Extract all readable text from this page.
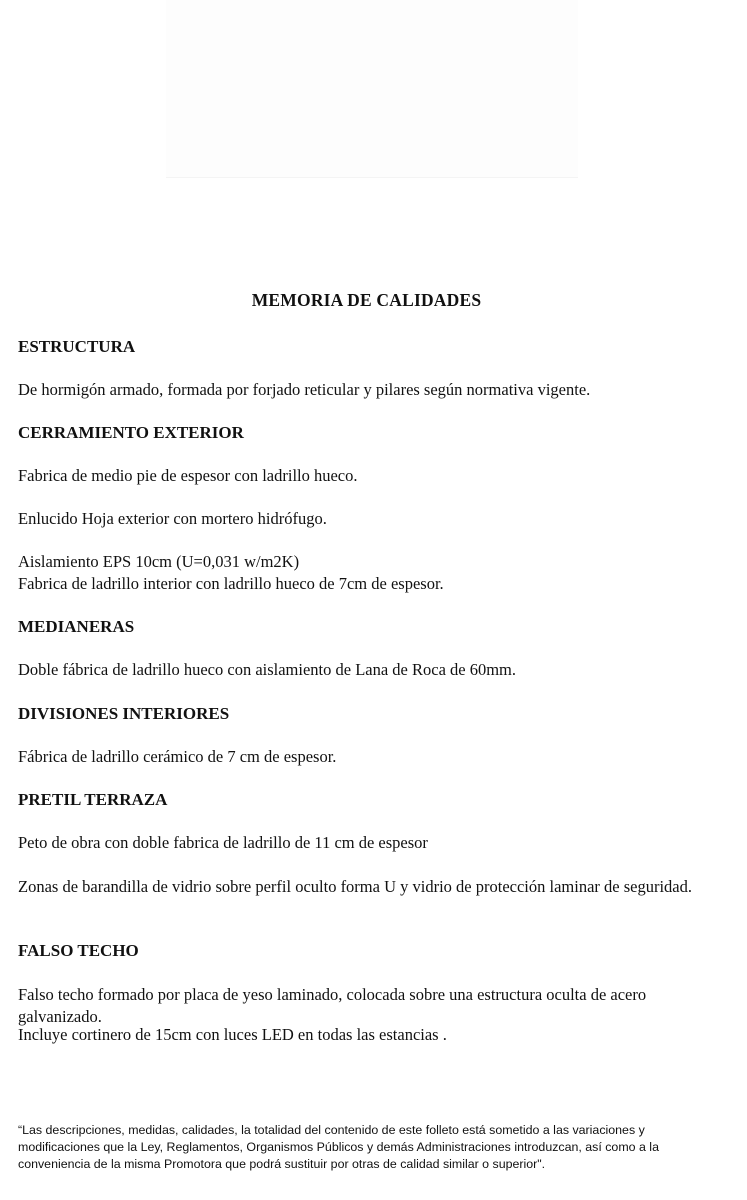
MEMORIA DE CALIDADES
ESTRUCTURA
De hormigón armado, formada por forjado reticular y pilares según normativa vigente.
CERRAMIENTO EXTERIOR
Fabrica de medio pie de espesor con ladrillo hueco.
Enlucido Hoja exterior con mortero hidrófugo.
Aislamiento EPS 10cm (U=0,031 w/m2K)
Fabrica de ladrillo interior con ladrillo hueco de 7cm de espesor.
MEDIANERAS
Doble fábrica de ladrillo hueco con aislamiento de Lana de Roca de 60mm.
DIVISIONES INTERIORES
Fábrica de ladrillo cerámico de 7 cm de espesor.
PRETIL TERRAZA
Peto de obra con doble fabrica de ladrillo de 11 cm de espesor
Zonas de barandilla de vidrio sobre perfil oculto forma U y vidrio de protección laminar de seguridad.
FALSO TECHO
Falso techo formado por placa de yeso laminado, colocada sobre una estructura oculta de acero galvanizado.
Incluye cortinero de 15cm con luces LED en todas las estancias .
“Las descripciones, medidas, calidades, la totalidad del contenido de este folleto está sometido a las variaciones y modificaciones que la Ley, Reglamentos, Organismos Públicos y demás Administraciones introduzcan, así como a la conveniencia de la misma Promotora que podrá sustituir por otras de calidad similar o superior".
